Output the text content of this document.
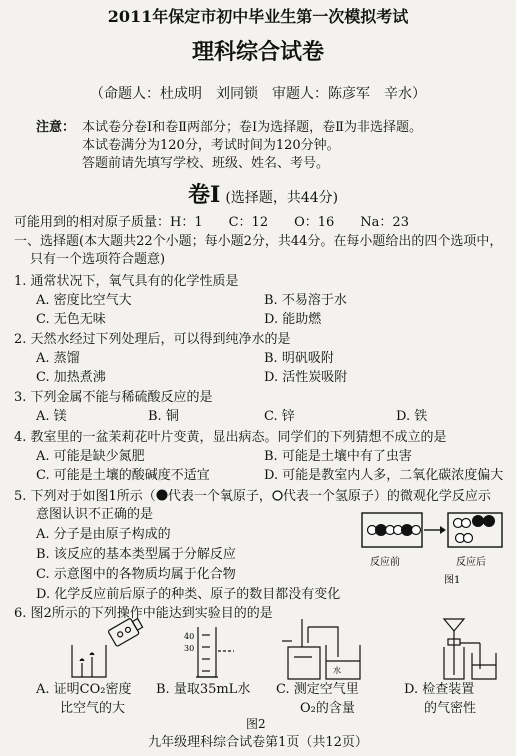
2011年保定市初中毕业生第一次模拟考试
理科综合试卷
（命题人：杜成明　刘同锁　审题人：陈彦军　辛水）
注意： 本试卷分卷Ⅰ和卷Ⅱ两部分；卷Ⅰ为选择题，卷Ⅱ为非选择题。
本试卷满分为120分，考试时间为120分钟。
答题前请先填写学校、班级、姓名、考号。
卷Ⅰ (选择题，共44分)
可能用到的相对原子质量：H：1　　C：12　　O：16　　Na：23
一、选择题(本大题共22个小题；每小题2分，共44分。在每小题给出的四个选项中，
只有一个选项符合题意)
1. 通常状况下，氧气具有的化学性质是
A. 密度比空气大	B. 不易溶于水
C. 无色无味	D. 能助燃
2. 天然水经过下列处理后，可以得到纯净水的是
A. 蒸馏	B. 明矾吸附
C. 加热煮沸	D. 活性炭吸附
3. 下列金属不能与稀硫酸反应的是
A. 镁	B. 铜	C. 锌	D. 铁
4. 教室里的一盆茉莉花叶片变黄，显出病态。同学们的下列猜想不成立的是
A. 可能是缺少氮肥	B. 可能是土壤中有了虫害
C. 可能是土壤的酸碱度不适宜	D. 可能是教室内人多，二氧化碳浓度偏大
5. 下列对于如图1所示（ 代表一个氧原子， 代表一个氢原子）的微观化学反应示
意图认识不正确的是
A. 分子是由原子构成的
B. 该反应的基本类型属于分解反应
C. 示意图中的各物质均属于化合物
D. 化学反应前后原子的种类、原子的数目都没有变化
反应前	反应后
图1
6. 图2所示的下列操作中能达到实验目的的是
40
30
水
A. 证明CO₂密度
比空气的大
B. 量取35mL水 C. 测定空气里
O₂的含量
D. 检查装置
的气密性
图2
九年级理科综合试卷第1页（共12页）
